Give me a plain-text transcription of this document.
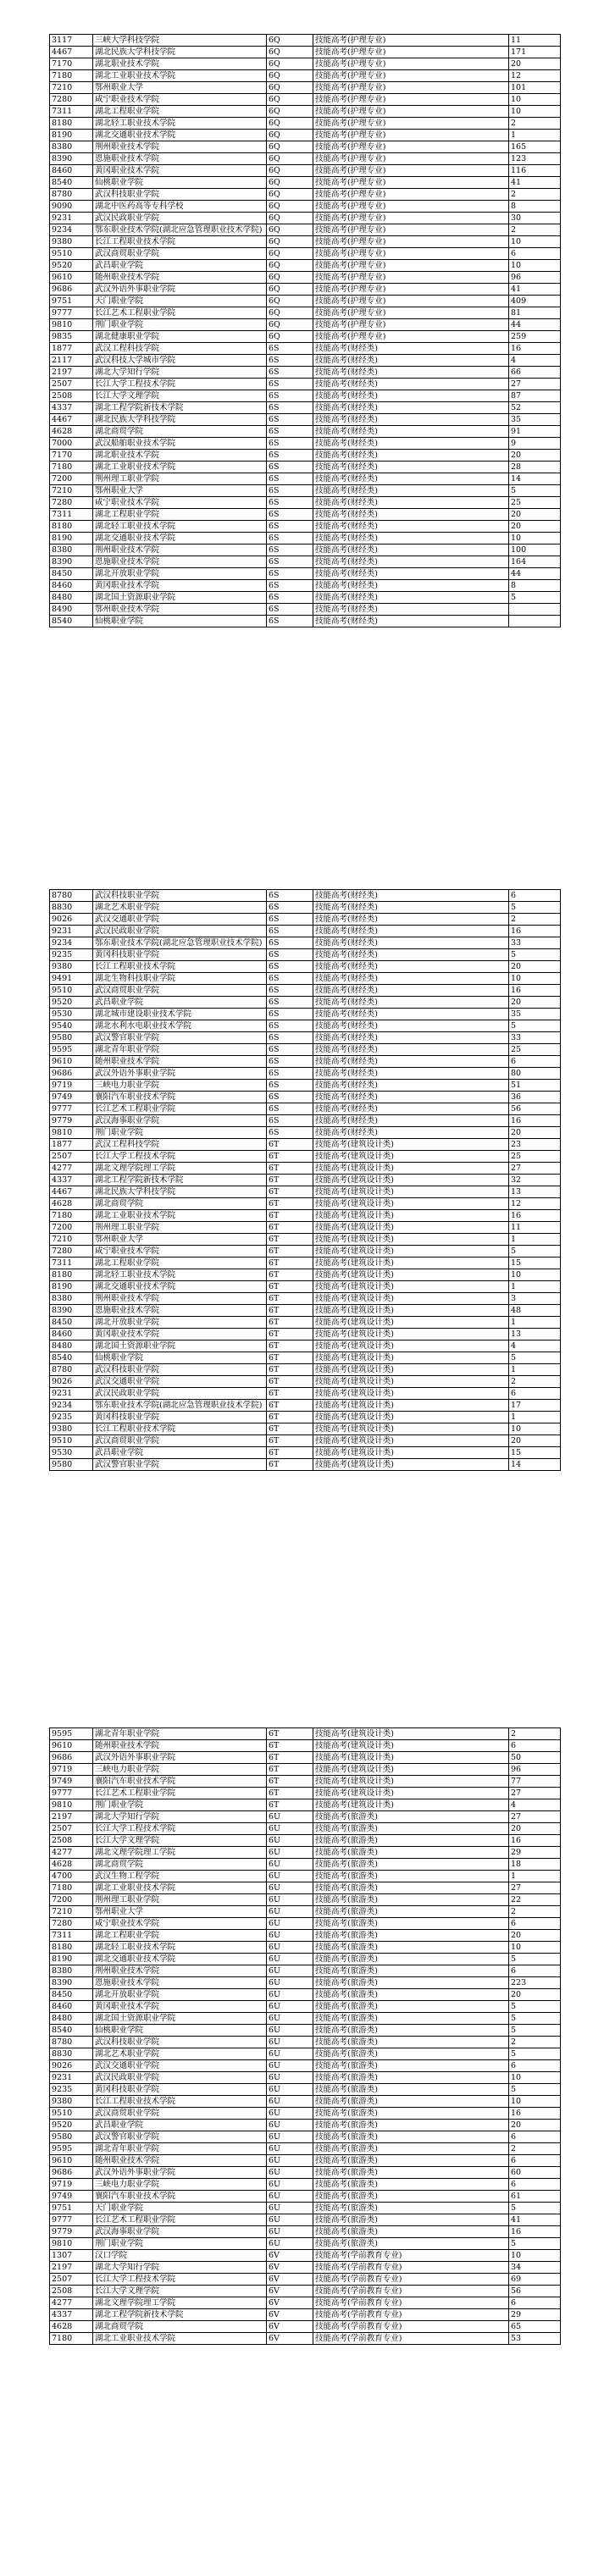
3117	三峡大学科技学院	6Q	技能高考(护理专业)	11
4467	湖北民族大学科技学院	6Q	技能高考(护理专业)	171
7170	湖北职业技术学院	6Q	技能高考(护理专业)	20
7180	湖北工业职业技术学院	6Q	技能高考(护理专业)	12
7210	鄂州职业大学	6Q	技能高考(护理专业)	101
7280	咸宁职业技术学院	6Q	技能高考(护理专业)	10
7311	湖北工程职业学院	6Q	技能高考(护理专业)	10
8180	湖北轻工职业技术学院	6Q	技能高考(护理专业)	2
8190	湖北交通职业技术学院	6Q	技能高考(护理专业)	1
8380	荆州职业技术学院	6Q	技能高考(护理专业)	165
8390	恩施职业技术学院	6Q	技能高考(护理专业)	123
8460	黄冈职业技术学院	6Q	技能高考(护理专业)	116
8540	仙桃职业学院	6Q	技能高考(护理专业)	41
8780	武汉科技职业学院	6Q	技能高考(护理专业)	2
9090	湖北中医药高等专科学校	6Q	技能高考(护理专业)	8
9231	武汉民政职业学院	6Q	技能高考(护理专业)	30
9234	鄂东职业技术学院(湖北应急管理职业技术学院)	6Q	技能高考(护理专业)	2
9380	长江工程职业技术学院	6Q	技能高考(护理专业)	10
9510	武汉商贸职业学院	6Q	技能高考(护理专业)	6
9520	武昌职业学院	6Q	技能高考(护理专业)	10
9610	随州职业技术学院	6Q	技能高考(护理专业)	96
9686	武汉外语外事职业学院	6Q	技能高考(护理专业)	41
9751	天门职业学院	6Q	技能高考(护理专业)	409
9777	长江艺术工程职业学院	6Q	技能高考(护理专业)	81
9810	荆门职业学院	6Q	技能高考(护理专业)	44
9835	湖北健康职业学院	6Q	技能高考(护理专业)	259
1877	武汉工程科技学院	6S	技能高考(财经类)	16
2117	武汉科技大学城市学院	6S	技能高考(财经类)	4
2197	湖北大学知行学院	6S	技能高考(财经类)	66
2507	长江大学工程技术学院	6S	技能高考(财经类)	27
2508	长江大学文理学院	6S	技能高考(财经类)	87
4337	湖北工程学院新技术学院	6S	技能高考(财经类)	52
4467	湖北民族大学科技学院	6S	技能高考(财经类)	35
4628	湖北商贸学院	6S	技能高考(财经类)	91
7000	武汉船舶职业技术学院	6S	技能高考(财经类)	9
7170	湖北职业技术学院	6S	技能高考(财经类)	20
7180	湖北工业职业技术学院	6S	技能高考(财经类)	28
7200	荆州理工职业学院	6S	技能高考(财经类)	14
7210	鄂州职业大学	6S	技能高考(财经类)	5
7280	咸宁职业技术学院	6S	技能高考(财经类)	25
7311	湖北工程职业学院	6S	技能高考(财经类)	20
8180	湖北轻工职业技术学院	6S	技能高考(财经类)	20
8190	湖北交通职业技术学院	6S	技能高考(财经类)	10
8380	荆州职业技术学院	6S	技能高考(财经类)	100
8390	恩施职业技术学院	6S	技能高考(财经类)	164
8450	湖北开放职业学院	6S	技能高考(财经类)	44
8460	黄冈职业技术学院	6S	技能高考(财经类)	8
8480	湖北国土资源职业学院	6S	技能高考(财经类)	5
8490	鄂州职业技术学院	6S	技能高考(财经类)	
8540	仙桃职业学院	6S	技能高考(财经类)	
8780	武汉科技职业学院	6S	技能高考(财经类)	6
8830	湖北艺术职业学院	6S	技能高考(财经类)	5
9026	武汉交通职业学院	6S	技能高考(财经类)	2
9231	武汉民政职业学院	6S	技能高考(财经类)	16
9234	鄂东职业技术学院(湖北应急管理职业技术学院)	6S	技能高考(财经类)	33
9235	黄冈科技职业学院	6S	技能高考(财经类)	5
9380	长江工程职业技术学院	6S	技能高考(财经类)	20
9491	湖北生物科技职业学院	6S	技能高考(财经类)	10
9510	武汉商贸职业学院	6S	技能高考(财经类)	16
9520	武昌职业学院	6S	技能高考(财经类)	20
9530	湖北城市建设职业技术学院	6S	技能高考(财经类)	35
9540	湖北水利水电职业技术学院	6S	技能高考(财经类)	5
9580	武汉警官职业学院	6S	技能高考(财经类)	33
9595	湖北青年职业学院	6S	技能高考(财经类)	25
9610	随州职业技术学院	6S	技能高考(财经类)	6
9686	武汉外语外事职业学院	6S	技能高考(财经类)	80
9719	三峡电力职业学院	6S	技能高考(财经类)	51
9749	襄阳汽车职业技术学院	6S	技能高考(财经类)	36
9777	长江艺术工程职业学院	6S	技能高考(财经类)	56
9779	武汉海事职业学院	6S	技能高考(财经类)	16
9810	荆门职业学院	6S	技能高考(财经类)	20
1877	武汉工程科技学院	6T	技能高考(建筑设计类)	23
2507	长江大学工程技术学院	6T	技能高考(建筑设计类)	25
4277	湖北文理学院理工学院	6T	技能高考(建筑设计类)	27
4337	湖北工程学院新技术学院	6T	技能高考(建筑设计类)	32
4467	湖北民族大学科技学院	6T	技能高考(建筑设计类)	13
4628	湖北商贸学院	6T	技能高考(建筑设计类)	12
7180	湖北工业职业技术学院	6T	技能高考(建筑设计类)	16
7200	荆州理工职业学院	6T	技能高考(建筑设计类)	11
7210	鄂州职业大学	6T	技能高考(建筑设计类)	1
7280	咸宁职业技术学院	6T	技能高考(建筑设计类)	5
7311	湖北工程职业学院	6T	技能高考(建筑设计类)	15
8180	湖北轻工职业技术学院	6T	技能高考(建筑设计类)	10
8190	湖北交通职业技术学院	6T	技能高考(建筑设计类)	1
8380	荆州职业技术学院	6T	技能高考(建筑设计类)	3
8390	恩施职业技术学院	6T	技能高考(建筑设计类)	48
8450	湖北开放职业学院	6T	技能高考(建筑设计类)	1
8460	黄冈职业技术学院	6T	技能高考(建筑设计类)	13
8480	湖北国土资源职业学院	6T	技能高考(建筑设计类)	4
8540	仙桃职业学院	6T	技能高考(建筑设计类)	5
8780	武汉科技职业学院	6T	技能高考(建筑设计类)	1
9026	武汉交通职业学院	6T	技能高考(建筑设计类)	2
9231	武汉民政职业学院	6T	技能高考(建筑设计类)	6
9234	鄂东职业技术学院(湖北应急管理职业技术学院)	6T	技能高考(建筑设计类)	17
9235	黄冈科技职业学院	6T	技能高考(建筑设计类)	1
9380	长江工程职业技术学院	6T	技能高考(建筑设计类)	10
9510	武汉商贸职业学院	6T	技能高考(建筑设计类)	20
9530	武昌职业学院	6T	技能高考(建筑设计类)	15
9580	武汉警官职业学院	6T	技能高考(建筑设计类)	14
9595	湖北青年职业学院	6T	技能高考(建筑设计类)	2
9610	随州职业技术学院	6T	技能高考(建筑设计类)	6
9686	武汉外语外事职业学院	6T	技能高考(建筑设计类)	50
9719	三峡电力职业学院	6T	技能高考(建筑设计类)	96
9749	襄阳汽车职业技术学院	6T	技能高考(建筑设计类)	77
9777	长江艺术工程职业学院	6T	技能高考(建筑设计类)	27
9810	荆门职业学院	6T	技能高考(建筑设计类)	4
2197	湖北大学知行学院	6U	技能高考(旅游类)	27
2507	长江大学工程技术学院	6U	技能高考(旅游类)	20
2508	长江大学文理学院	6U	技能高考(旅游类)	16
4277	湖北文理学院理工学院	6U	技能高考(旅游类)	29
4628	湖北商贸学院	6U	技能高考(旅游类)	18
4700	武汉生物工程学院	6U	技能高考(旅游类)	1
7180	湖北工业职业技术学院	6U	技能高考(旅游类)	27
7200	荆州理工职业学院	6U	技能高考(旅游类)	22
7210	鄂州职业大学	6U	技能高考(旅游类)	2
7280	咸宁职业技术学院	6U	技能高考(旅游类)	6
7311	湖北工程职业学院	6U	技能高考(旅游类)	20
8180	湖北轻工职业技术学院	6U	技能高考(旅游类)	10
8190	湖北交通职业技术学院	6U	技能高考(旅游类)	5
8380	荆州职业技术学院	6U	技能高考(旅游类)	6
8390	恩施职业技术学院	6U	技能高考(旅游类)	223
8450	湖北开放职业学院	6U	技能高考(旅游类)	20
8460	黄冈职业技术学院	6U	技能高考(旅游类)	5
8480	湖北国土资源职业学院	6U	技能高考(旅游类)	5
8540	仙桃职业学院	6U	技能高考(旅游类)	5
8780	武汉科技职业学院	6U	技能高考(旅游类)	2
8830	湖北艺术职业学院	6U	技能高考(旅游类)	5
9026	武汉交通职业学院	6U	技能高考(旅游类)	6
9231	武汉民政职业学院	6U	技能高考(旅游类)	10
9235	黄冈科技职业学院	6U	技能高考(旅游类)	5
9380	长江工程职业技术学院	6U	技能高考(旅游类)	10
9510	武汉商贸职业学院	6U	技能高考(旅游类)	16
9520	武昌职业学院	6U	技能高考(旅游类)	20
9580	武汉警官职业学院	6U	技能高考(旅游类)	6
9595	湖北青年职业学院	6U	技能高考(旅游类)	2
9610	随州职业技术学院	6U	技能高考(旅游类)	6
9686	武汉外语外事职业学院	6U	技能高考(旅游类)	60
9719	三峡电力职业学院	6U	技能高考(旅游类)	6
9749	襄阳汽车职业技术学院	6U	技能高考(旅游类)	61
9751	天门职业学院	6U	技能高考(旅游类)	5
9777	长江艺术工程职业学院	6U	技能高考(旅游类)	41
9779	武汉海事职业学院	6U	技能高考(旅游类)	16
9810	荆门职业学院	6U	技能高考(旅游类)	5
1307	汉口学院	6V	技能高考(学前教育专业)	10
2197	湖北大学知行学院	6V	技能高考(学前教育专业)	34
2507	长江大学工程技术学院	6V	技能高考(学前教育专业)	69
2508	长江大学文理学院	6V	技能高考(学前教育专业)	56
4277	湖北文理学院理工学院	6V	技能高考(学前教育专业)	6
4337	湖北工程学院新技术学院	6V	技能高考(学前教育专业)	29
4628	湖北商贸学院	6V	技能高考(学前教育专业)	65
7180	湖北工业职业技术学院	6V	技能高考(学前教育专业)	53
